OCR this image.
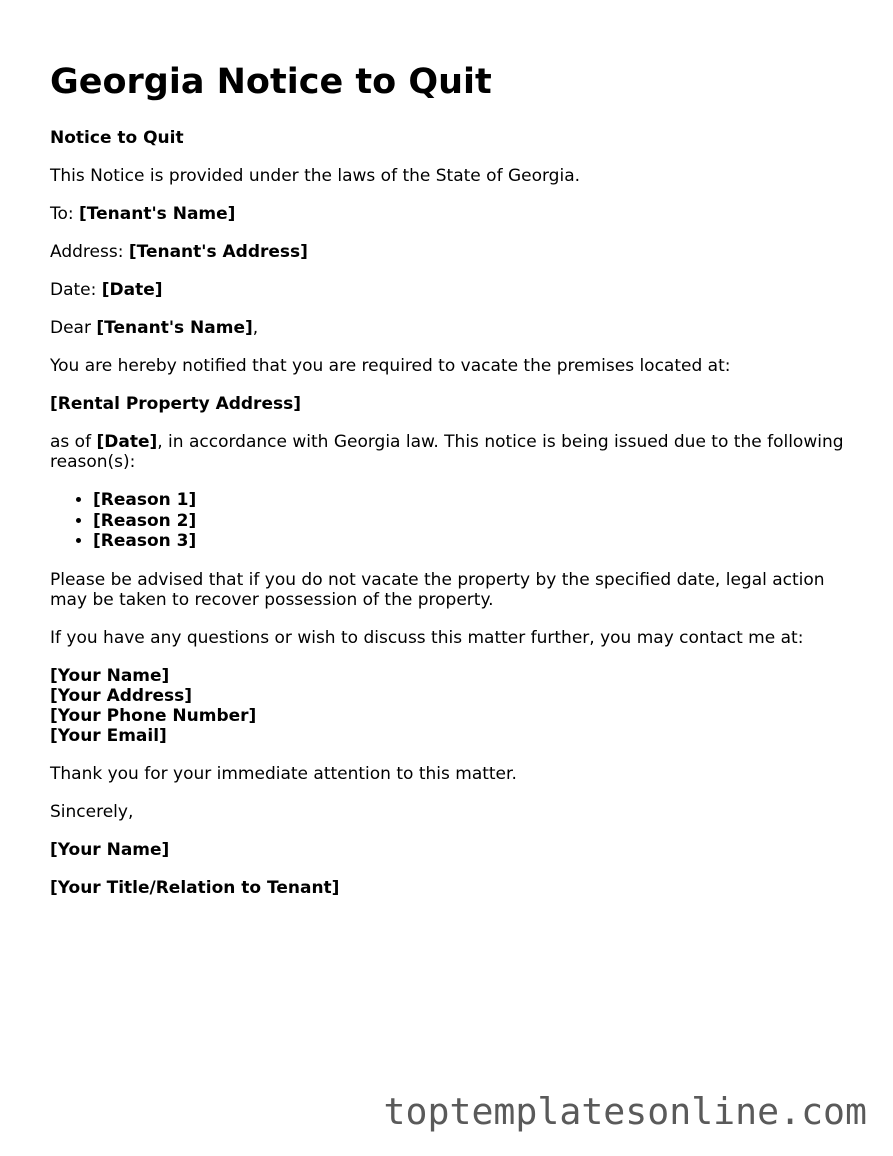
Georgia Notice to Quit

Notice to Quit

This Notice is provided under the laws of the State of Georgia.

To: [Tenant's Name]

Address: [Tenant's Address]

Date: [Date]

Dear [Tenant's Name],

You are hereby notified that you are required to vacate the premises located at:

[Rental Property Address]

as of [Date], in accordance with Georgia law. This notice is being issued due to the following reason(s):

• [Reason 1]
• [Reason 2]
• [Reason 3]

Please be advised that if you do not vacate the property by the specified date, legal action may be taken to recover possession of the property.

If you have any questions or wish to discuss this matter further, you may contact me at:

[Your Name]
[Your Address]
[Your Phone Number]
[Your Email]

Thank you for your immediate attention to this matter.

Sincerely,

[Your Name]

[Your Title/Relation to Tenant]

toptemplatesonline.com
